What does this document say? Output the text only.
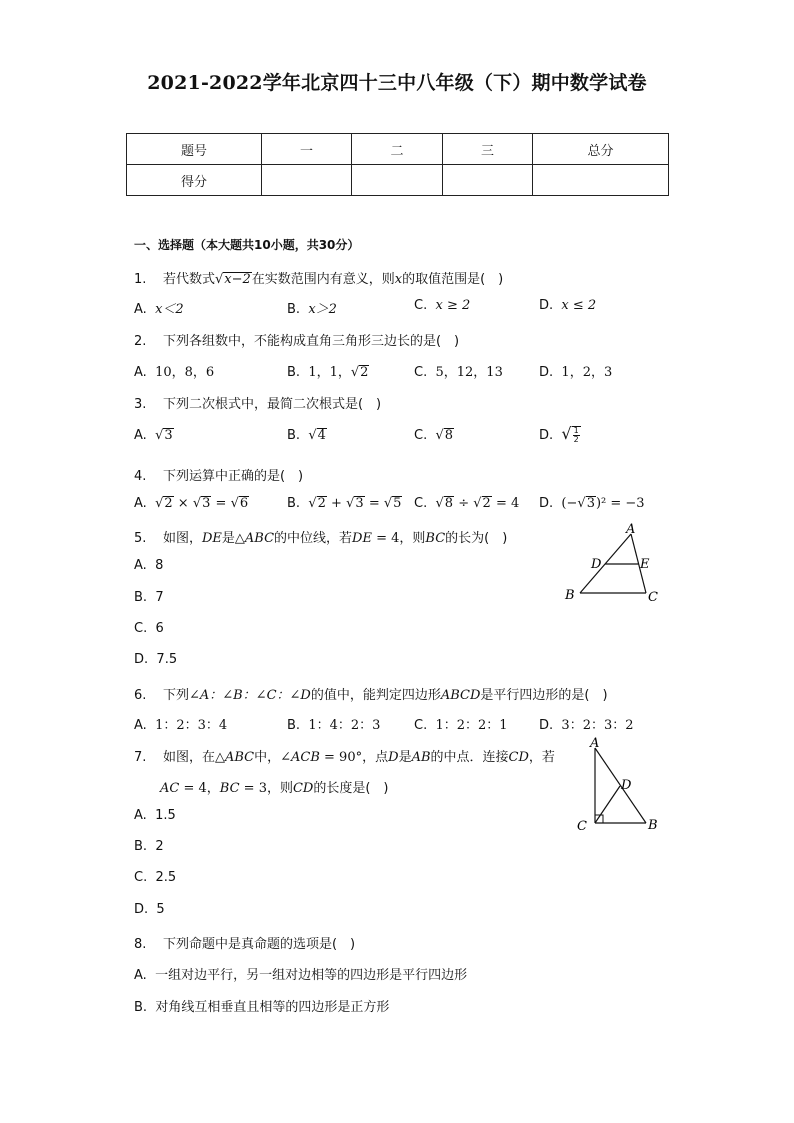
2021-2022学年北京四十三中八年级（下）期中数学试卷
题号	一	二	三	总分
得分				
一、选择题（本大题共10小题，共30分）
1. 若代数式√x−2在实数范围内有意义，则x的取值范围是(　)
A. x＜2	B. x＞2	C. x ≥ 2	D. x ≤ 2
2. 下列各组数中，不能构成直角三角形三边长的是(　)
A. 10，8，6	B. 1，1，√2	C. 5，12，13	D. 1，2，3
3. 下列二次根式中，最简二次根式是(　)
A. √3	B. √4	C. √8	D. √ $\frac{1}{2}$
4. 下列运算中正确的是(　)
A. √2 × √3 = √6	B. √2 + √3 = √5 C. √8 ÷ √2 = 4 D. (−√3)² = −3
5. 如图，DE是△ABC的中位线，若DE = 4，则BC的长为(　)
A. 8
B. 7
C. 6
D. 7.5
A
D	E
B	C
6. 下列∠A：∠B：∠C：∠D的值中，能判定四边形ABCD是平行四边形的是(　)
A. 1：2：3：4	B. 1：4：2：3	C. 1：2：2：1 D. 3：2：3：2
7. 如图，在△ABC中，∠ACB = 90°，点D是AB的中点．连接CD，若
AC = 4，BC = 3，则CD的长度是(　)
A. 1.5
B. 2
C. 2.5
D. 5
A
D
C	B
8. 下列命题中是真命题的选项是(　)
A. 一组对边平行，另一组对边相等的四边形是平行四边形
B. 对角线互相垂直且相等的四边形是正方形
